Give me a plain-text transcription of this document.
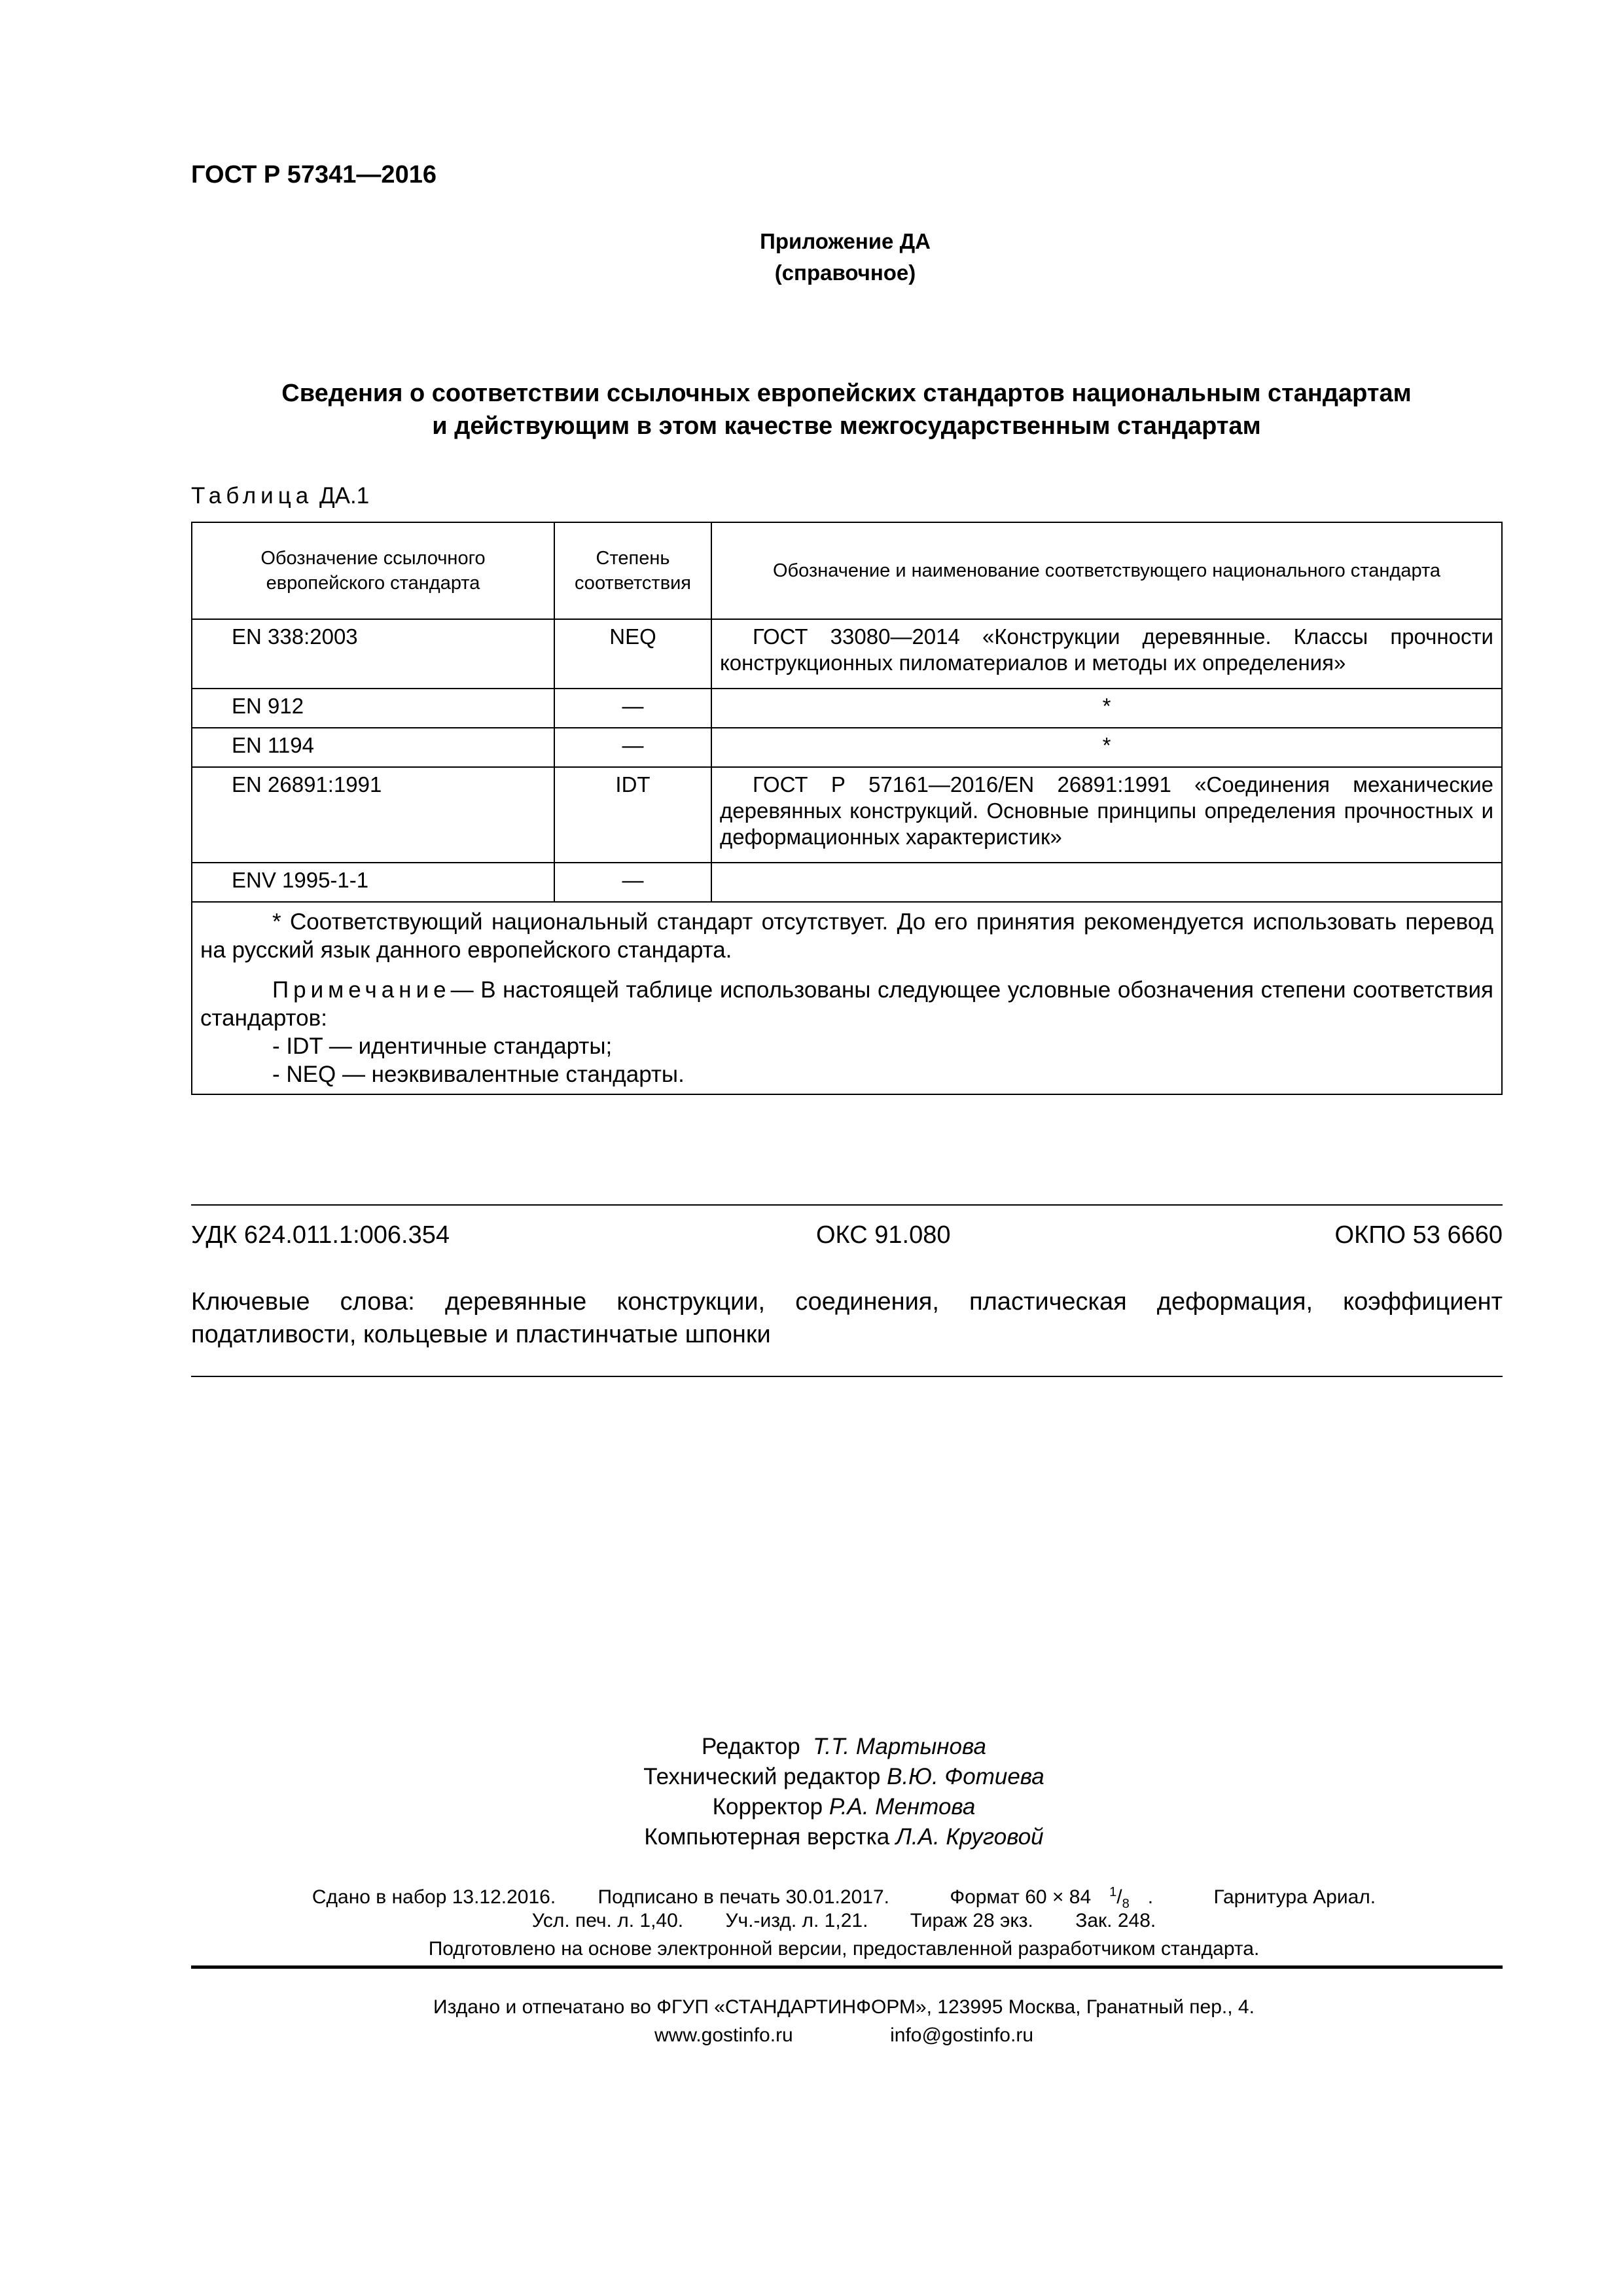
ГОСТ Р 57341—2016
Приложение ДА
(справочное)
Сведения о соответствии ссылочных европейских стандартов национальным стандартам
и действующим в этом качестве межгосударственным стандартам
Таблица ДА.1
Обозначение ссылочного европейского стандарта	Степень соответствия	Обозначение и наименование соответствующего национального стандарта
EN 338:2003	NEQ	ГОСТ 33080—2014 «Конструкции деревянные. Классы прочности конструкционных пиломатериалов и методы их определения»
EN 912	—	*
EN 1194	—	*
EN 26891:1991	IDT	ГОСТ Р 57161—2016/EN 26891:1991 «Соединения механические деревянных конструкций. Основные принципы определения прочностных и деформационных характеристик»
ENV 1995-1-1	—	

* Соответствующий национальный стандарт отсутствует. До его принятия рекомендуется использовать перевод на русский язык данного европейского стандарта.

Примечание— В настоящей таблице использованы следующее условные обозначения степени соответствия стандартов:

- IDT — идентичные стандарты;

- NEQ — неэквивалентные стандарты.		

УДК 624.011.1:006.354	ОКС 91.080	ОКПО 53 6660
Ключевые слова: деревянные конструкции, соединения, пластическая деформация, коэффициент податливости, кольцевые и пластинчатые шпонки
Редактор Т.Т. Мартынова
Технический редактор В.Ю. Фотиева
Корректор Р.А. Ментова
Компьютерная верстка Л.А. Круговой
Сдано в набор 13.12.2016. Подписано в печать 30.01.2017.	Формат 60 × 84 $^1/_8$ .	Гарнитура Ариал.
Усл. печ. л. 1,40. Уч.-изд. л. 1,21. Тираж 28 экз. Зак. 248.
Подготовлено на основе электронной версии, предоставленной разработчиком стандарта.
Издано и отпечатано во ФГУП «СТАНДАРТИНФОРМ», 123995 Москва, Гранатный пер., 4.
www.gostinfo.ru	info@gostinfo.ru
